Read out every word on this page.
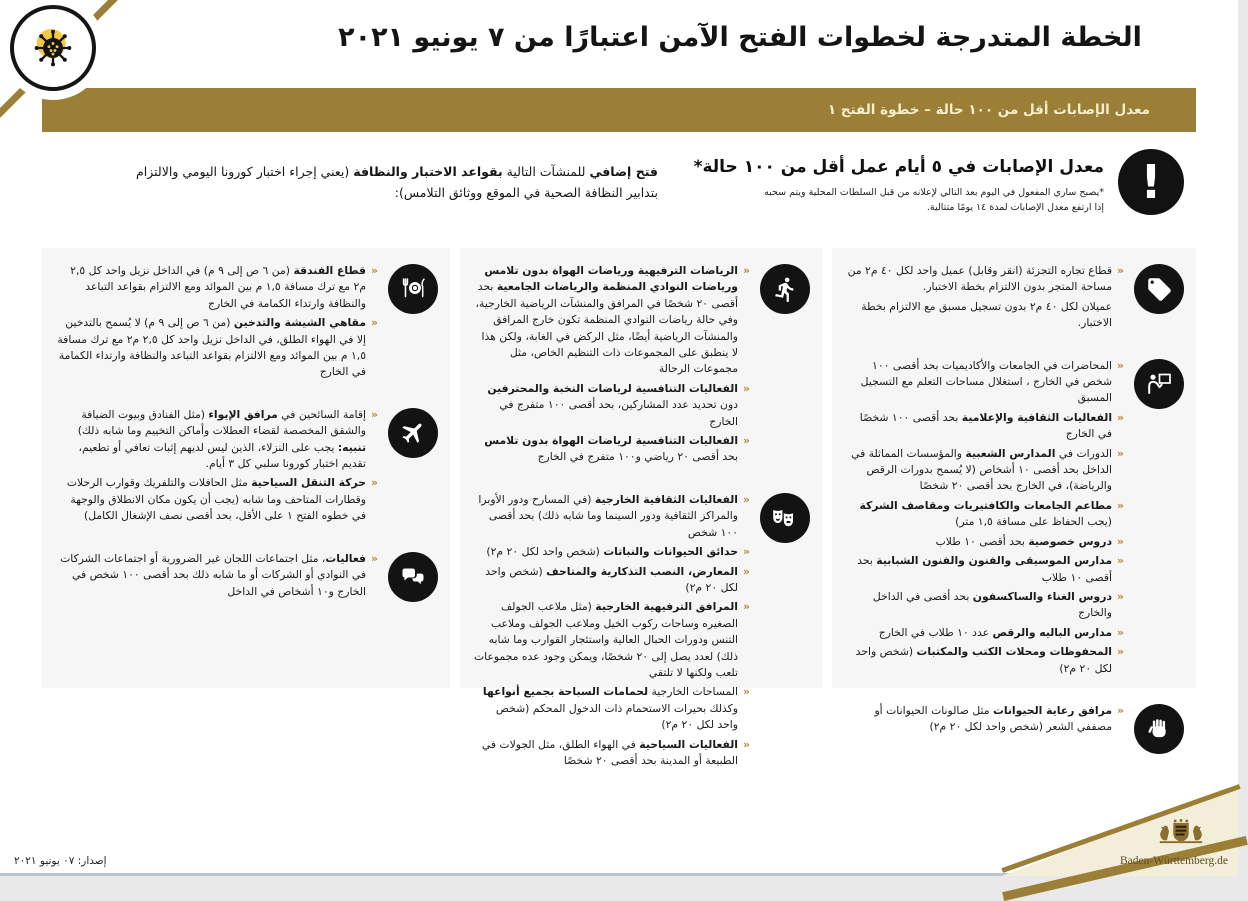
الخطة المتدرجة لخطوات الفتح الآمن اعتبارًا من ٧ يونيو ٢٠٢١
معدل الإصابات أقل من ١٠٠ حالة – خطوة الفتح ١
!
معدل الإصابات في ٥ أيام عمل أقل من ١٠٠ حالة*
*يصبح ساري المفعول في اليوم بعد التالي لإعلانه من قبل السلطات المحلية ويتم سحبه إذا ارتفع معدل الإصابات لمدة ١٤ يومًا متتالية.
فتح إضافي للمنشآت التالية بقواعد الاختبار والنظافة (يعني إجراء اختبار كورونا اليومي والالتزام بتدابير النظافة الصحية في الموقع ووثائق التلامس):
«
قطاع تجاره التجزئة (انقر وقابل) عميل واحد لكل ٤٠ م٢ من مساحة المتجر بدون الالتزام بخطة الاختبار.
عميلان لكل ٤٠ م٢ بدون تسجيل مسبق مع الالتزام بخطة الاختبار.
«
المحاضرات في الجامعات والأكاديميات بحد أقصى ١٠٠ شخص في الخارج ، استغلال مساحات التعلم مع التسجيل المسبق
«
الفعاليات الثقافية والإعلامية بحد أقصى ١٠٠ شخصًا في الخارج
«
الدورات في المدارس الشعبية والمؤسسات المماثلة في الداخل بحد أقصى ١٠ أشخاص (لا يُسمح بدورات الرقص والرياضة)، في الخارج بحد أقصى ٢٠ شخصًا
«
مطاعم الجامعات والكافتيريات ومقاصف الشركة (يجب الحفاظ على مسافة ١,٥ متر)
«
دروس خصوصية بحد أقصى ١٠ طلاب
«
مدارس الموسيقى والفنون والفنون الشبابية بحد أقصى ١٠ طلاب
«
دروس الغناء والساكسفون بحد أقصى في الداخل والخارج
«
مدارس الباليه والرقص عدد ١٠ طلاب في الخارج
«
المحفوظات ومحلات الكتب والمكتبات (شخص واحد لكل ٢٠ م٢)
«
مرافق رعاية الحيوانات مثل صالونات الحيوانات أو مصففي الشعر (شخص واحد لكل ٢٠ م٢)
«
الرياضات الترفيهية ورياضات الهواة بدون تلامس ورياضات النوادي المنظمة والرياضات الجامعية بحد أقصى ٢٠ شخصًا في المرافق والمنشآت الرياضية الخارجية، وفي حالة رياضات النوادي المنظمة تكون خارج المرافق والمنشآت الرياضية أيضًا، مثل الركض في الغابة، ولكن هذا لا ينطبق على المجموعات ذات التنظيم الخاص، مثل مجموعات الرحالة
«
الفعاليات التنافسية لرياضات النخبة والمحترفين دون تحديد عدد المشاركين، بحد أقصى ١٠٠ متفرج في الخارج
«
الفعاليات التنافسية لرياضات الهواة بدون تلامس بحد أقصى ٢٠ رياضي و١٠٠ متفرج في الخارج
«
الفعاليات الثقافية الخارجية (في المسارح ودور الأوبرا والمراكز الثقافية ودور السينما وما شابه ذلك) بحد أقصى ١٠٠ شخص
«
حدائق الحيوانات والنباتات (شخص واحد لكل ٢٠ م٢)
«
المعارض، النصب التذكارية والمتاحف (شخص واحد لكل ٢٠ م٢)
«
المرافق الترفيهية الخارجية (مثل ملاعب الجولف الصغيره وساحات ركوب الخيل وملاعب الجولف وملاعب التنس ودورات الحبال العالية واستئجار القوارب وما شابه ذلك) لعدد يصل إلى ٢٠ شخصًا، ويمكن وجود عده مجموعات تلعب ولكنها لا تلتقي
«
المساحات الخارجية لحمامات السباحة بجميع أنواعها وكذلك بحيرات الاستحمام ذات الدخول المحكم (شخص واحد لكل ٢٠ م٢)
«
الفعاليات السياحية في الهواء الطلق، مثل الجولات في الطبيعة أو المدينة بحد أقصى ٢٠ شخصًا
«
قطاع الفندقة (من ٦ ص إلى ٩ م) في الداخل نزيل واحد كل ٢,٥ م٢ مع ترك مسافة ١,٥ م بين الموائد ومع الالتزام بقواعد التباعد والنظافة وارتداء الكمامة في الخارج
«
مقاهي الشيشة والتدخين (من ٦ ص إلى ٩ م) لا يُسمح بالتدخين إلا في الهواء الطلق، في الداخل نزيل واحد كل ٢,٥ م٢ مع ترك مسافة ١,٥ م بين الموائد ومع الالتزام بقواعد التباعد والنظافة وارتداء الكمامة في الخارج
«
إقامة السائحين في مرافق الإيواء (مثل الفنادق وبيوت الضيافة والشقق المخصصة لقضاء العطلات وأماكن التخييم وما شابه ذلك) تنبيه: يجب على النزلاء، الذين ليس لديهم إثبات تعافي أو تطعيم، تقديم اختبار كورونا سلبي كل ٣ أيام.
«
حركة التنقل السياحية مثل الحافلات والتلفريك وقوارب الرحلات وقطارات المتاحف وما شابه (يجب أن يكون مكان الانطلاق والوجهة في خطوه الفتح ١ على الأقل، بحد أقصى نصف الإشغال الكامل)
«
فعاليات، مثل اجتماعات اللجان غير الضرورية أو اجتماعات الشركات في النوادي أو الشركات أو ما شابه ذلك بحد أقصى ١٠٠ شخص في الخارج و١٠ أشخاص في الداخل
إصدار: ٠٧ يونيو ٢٠٢١	Baden-Württemberg.de
